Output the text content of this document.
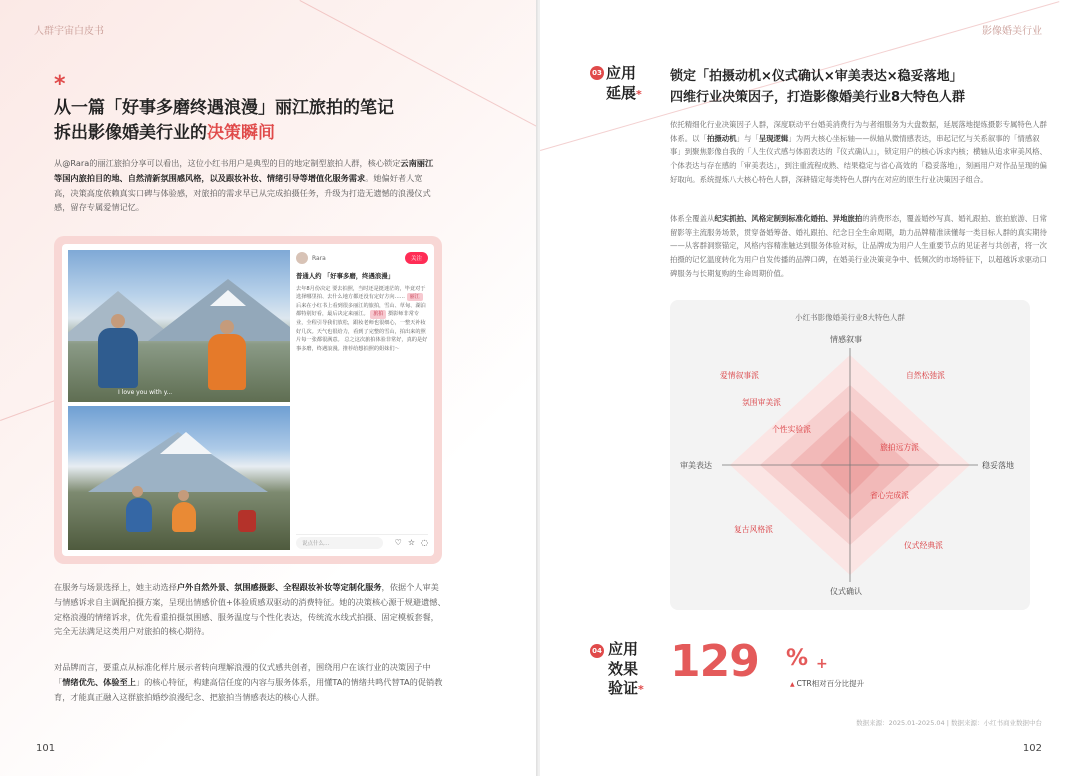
人群宇宙白皮书
*
从一篇「好事多磨终遇浪漫」丽江旅拍的笔记
拆出影像婚美行业的决策瞬间
从@Rara的丽江旅拍分享可以看出，这位小红书用户是典型的目的地定制型旅拍人群，核心锁定云南丽江等国内旅拍目的地、自然清新氛围感风格，以及跟妆补妆、情绪引导等增值化服务需求。她偏好者人宽高，决策高度依赖真实口碑与体验感，对旅拍的需求早已从完成拍摄任务，升级为打造无遗憾的浪漫仪式感，留存专属爱情记忆。
I love you with y...
Rara	关注
普通人约 「好事多磨，终遇浪漫」
去年8月份决定 要去拍照，当时还是挺迷茫的，毕竟对于选择哪里拍、去什么地方都还没有定好方向…… 丽江 后来在小红书上看到很多丽江的旅拍，雪山、草甸、湖泊都特别好看，最后决定来丽江。 旅拍 摄影师非常专业，全程引导我们放松，跟妆老师也很细心，一整天补妆好几次。天气也很给力，看到了完整的雪山，拍出来的照片每一张都很满意。 总之这次旅拍体验非常好，真的是好事多磨，终遇浪漫。推荐给想拍照的姐妹们～
说点什么…	♡ ☆ ◌
在服务与场景选择上，她主动选择户外自然外景、氛围感摄影、全程跟妆补妆等定制化服务，依据个人审美与情感诉求自主调配拍摄方案，呈现出情感价值+体验质感双驱动的消费特征。她的决策核心源于规避遗憾、定格浪漫的情绪诉求，优先看重拍摄氛围感、服务温度与个性化表达，传统流水线式拍摄、固定模板套餐，完全无法满足这类用户对旅拍的核心期待。
对品牌而言，要重点从标准化样片展示者转向理解浪漫的仪式感共创者，围绕用户在该行业的决策因子中「情绪优先、体验至上」的核心特征，构建高信任度的内容与服务体系，用懂TA的情绪共鸣代替TA的促销教育，才能真正融入这群旅拍婚纱浪漫纪念、把旅拍当情感表达的核心人群。
101
影像婚美行业
03 应用
延展*
锁定「拍摄动机×仪式确认×审美表达×稳妥落地」
四维行业决策因子，打造影像婚美行业8大特色人群
依托精细化行业决策因子人群，深度联动平台婚美消费行为与者细服务为大盘数据，延展落地提炼摄影专属特色人群体系。以「拍摄动机」与「呈现逻辑」为两大核心坐标轴——纵轴从微情感表达，串起记忆与关系叙事的「情感叙事」到聚焦影像自我的「人生仪式感与体面表达的『仪式确认』」，锁定用户的核心诉求内核；横轴从追求审美风格、个体表达与存在感的「审美表达」，到注重流程成熟、结果稳定与省心高效的「稳妥落地」，刻画用户对作品呈现的偏好取向。系统提炼八大核心特色人群，深耕锚定每类特色人群内在对应的原生行业决策因子组合。
体系全覆盖从纪实抓拍、风格定制到标准化婚拍、异地旅拍的消费形态，覆盖婚纱写真、婚礼跟拍、旅拍旅游、日常留影等主流服务场景，贯穿备婚筹备、婚礼跟拍、纪念日全生命周期，助力品牌精准读懂每一类目标人群的真实期待——从客群洞察锚定，风格内容精准触达到服务体验对标，让品牌成为用户人生重要节点的见证者与共创者，将一次拍摄的记忆温度转化为用户自发传播的品牌口碑，在婚美行业决策竞争中、低频次的市场特征下，以超越诉求驱动口碑服务与长期复购的生命周期价值。
小红书影像婚美行业8大特色人群
情感叙事
仪式确认
审美表达	稳妥落地
爱情叙事派
氛围审美派
个性实验派
自然松弛派
旅拍远方派
省心完成派
仪式经典派
复古风格派
04 应用
效果
验证*
129 % +
▲ CTR相对百分比提升
数据来源：2025.01-2025.04 | 数据来源：小红书商业数据中台
102
